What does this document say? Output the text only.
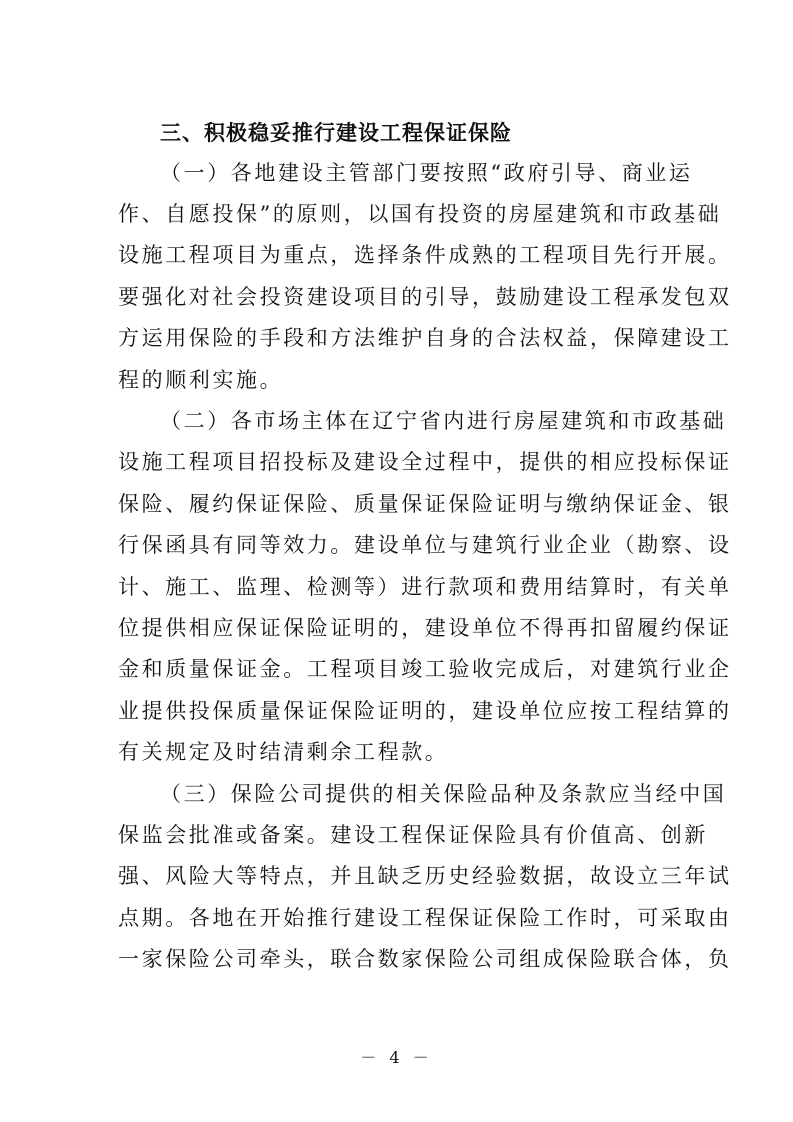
三、积极稳妥推行建设工程保证保险
（一）各地建设主管部门要按照“政府引导、商业运
作、自愿投保”的原则，以国有投资的房屋建筑和市政基础
设施工程项目为重点，选择条件成熟的工程项目先行开展。
要强化对社会投资建设项目的引导，鼓励建设工程承发包双
方运用保险的手段和方法维护自身的合法权益，保障建设工
程的顺利实施。
（二）各市场主体在辽宁省内进行房屋建筑和市政基础
设施工程项目招投标及建设全过程中，提供的相应投标保证
保险、履约保证保险、质量保证保险证明与缴纳保证金、银
行保函具有同等效力。建设单位与建筑行业企业（勘察、设
计、施工、监理、检测等）进行款项和费用结算时，有关单
位提供相应保证保险证明的，建设单位不得再扣留履约保证
金和质量保证金。工程项目竣工验收完成后，对建筑行业企
业提供投保质量保证保险证明的，建设单位应按工程结算的
有关规定及时结清剩余工程款。
（三）保险公司提供的相关保险品种及条款应当经中国
保监会批准或备案。建设工程保证保险具有价值高、创新
强、风险大等特点，并且缺乏历史经验数据，故设立三年试
点期。各地在开始推行建设工程保证保险工作时，可采取由
一家保险公司牵头，联合数家保险公司组成保险联合体，负
－ 4 －
